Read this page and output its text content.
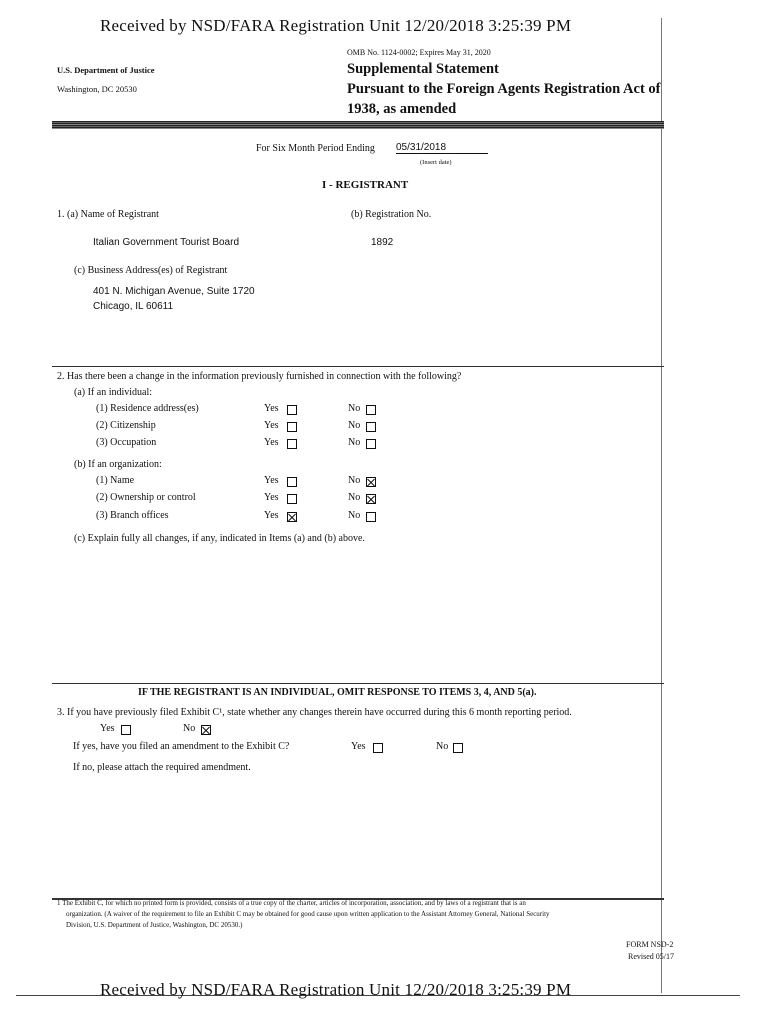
Received by NSD/FARA Registration Unit 12/20/2018 3:25:39 PM
OMB No. 1124-0002; Expires May 31, 2020
U.S. Department of Justice
Washington, DC 20530
Supplemental Statement
Pursuant to the Foreign Agents Registration Act of
1938, as amended
For Six Month Period Ending 05/31/2018
(Insert date)
I - REGISTRANT
1. (a) Name of Registrant	(b) Registration No.
Italian Government Tourist Board	1892
(c) Business Address(es) of Registrant
401 N. Michigan Avenue, Suite 1720
Chicago, IL 60611
2. Has there been a change in the information previously furnished in connection with the following?
(a) If an individual:
(1) Residence address(es)	Yes	No
(2) Citizenship	Yes	No
(3) Occupation	Yes	No
(b) If an organization:
(1) Name	Yes	No
(2) Ownership or control	Yes	No
(3) Branch offices	Yes	No
(c) Explain fully all changes, if any, indicated in Items (a) and (b) above.
IF THE REGISTRANT IS AN INDIVIDUAL, OMIT RESPONSE TO ITEMS 3, 4, AND 5(a).
3. If you have previously filed Exhibit C¹, state whether any changes therein have occurred during this 6 month reporting period.
Yes	No
If yes, have you filed an amendment to the Exhibit C?	Yes	No
If no, please attach the required amendment.
1 The Exhibit C, for which no printed form is provided, consists of a true copy of the charter, articles of incorporation, association, and by laws of a registrant that is an
organization. (A waiver of the requirement to file an Exhibit C may be obtained for good cause upon written application to the Assistant Attorney General, National Security
Division, U.S. Department of Justice, Washington, DC 20530.)
FORM NSD-2
Revised 05/17
Received by NSD/FARA Registration Unit 12/20/2018 3:25:39 PM
